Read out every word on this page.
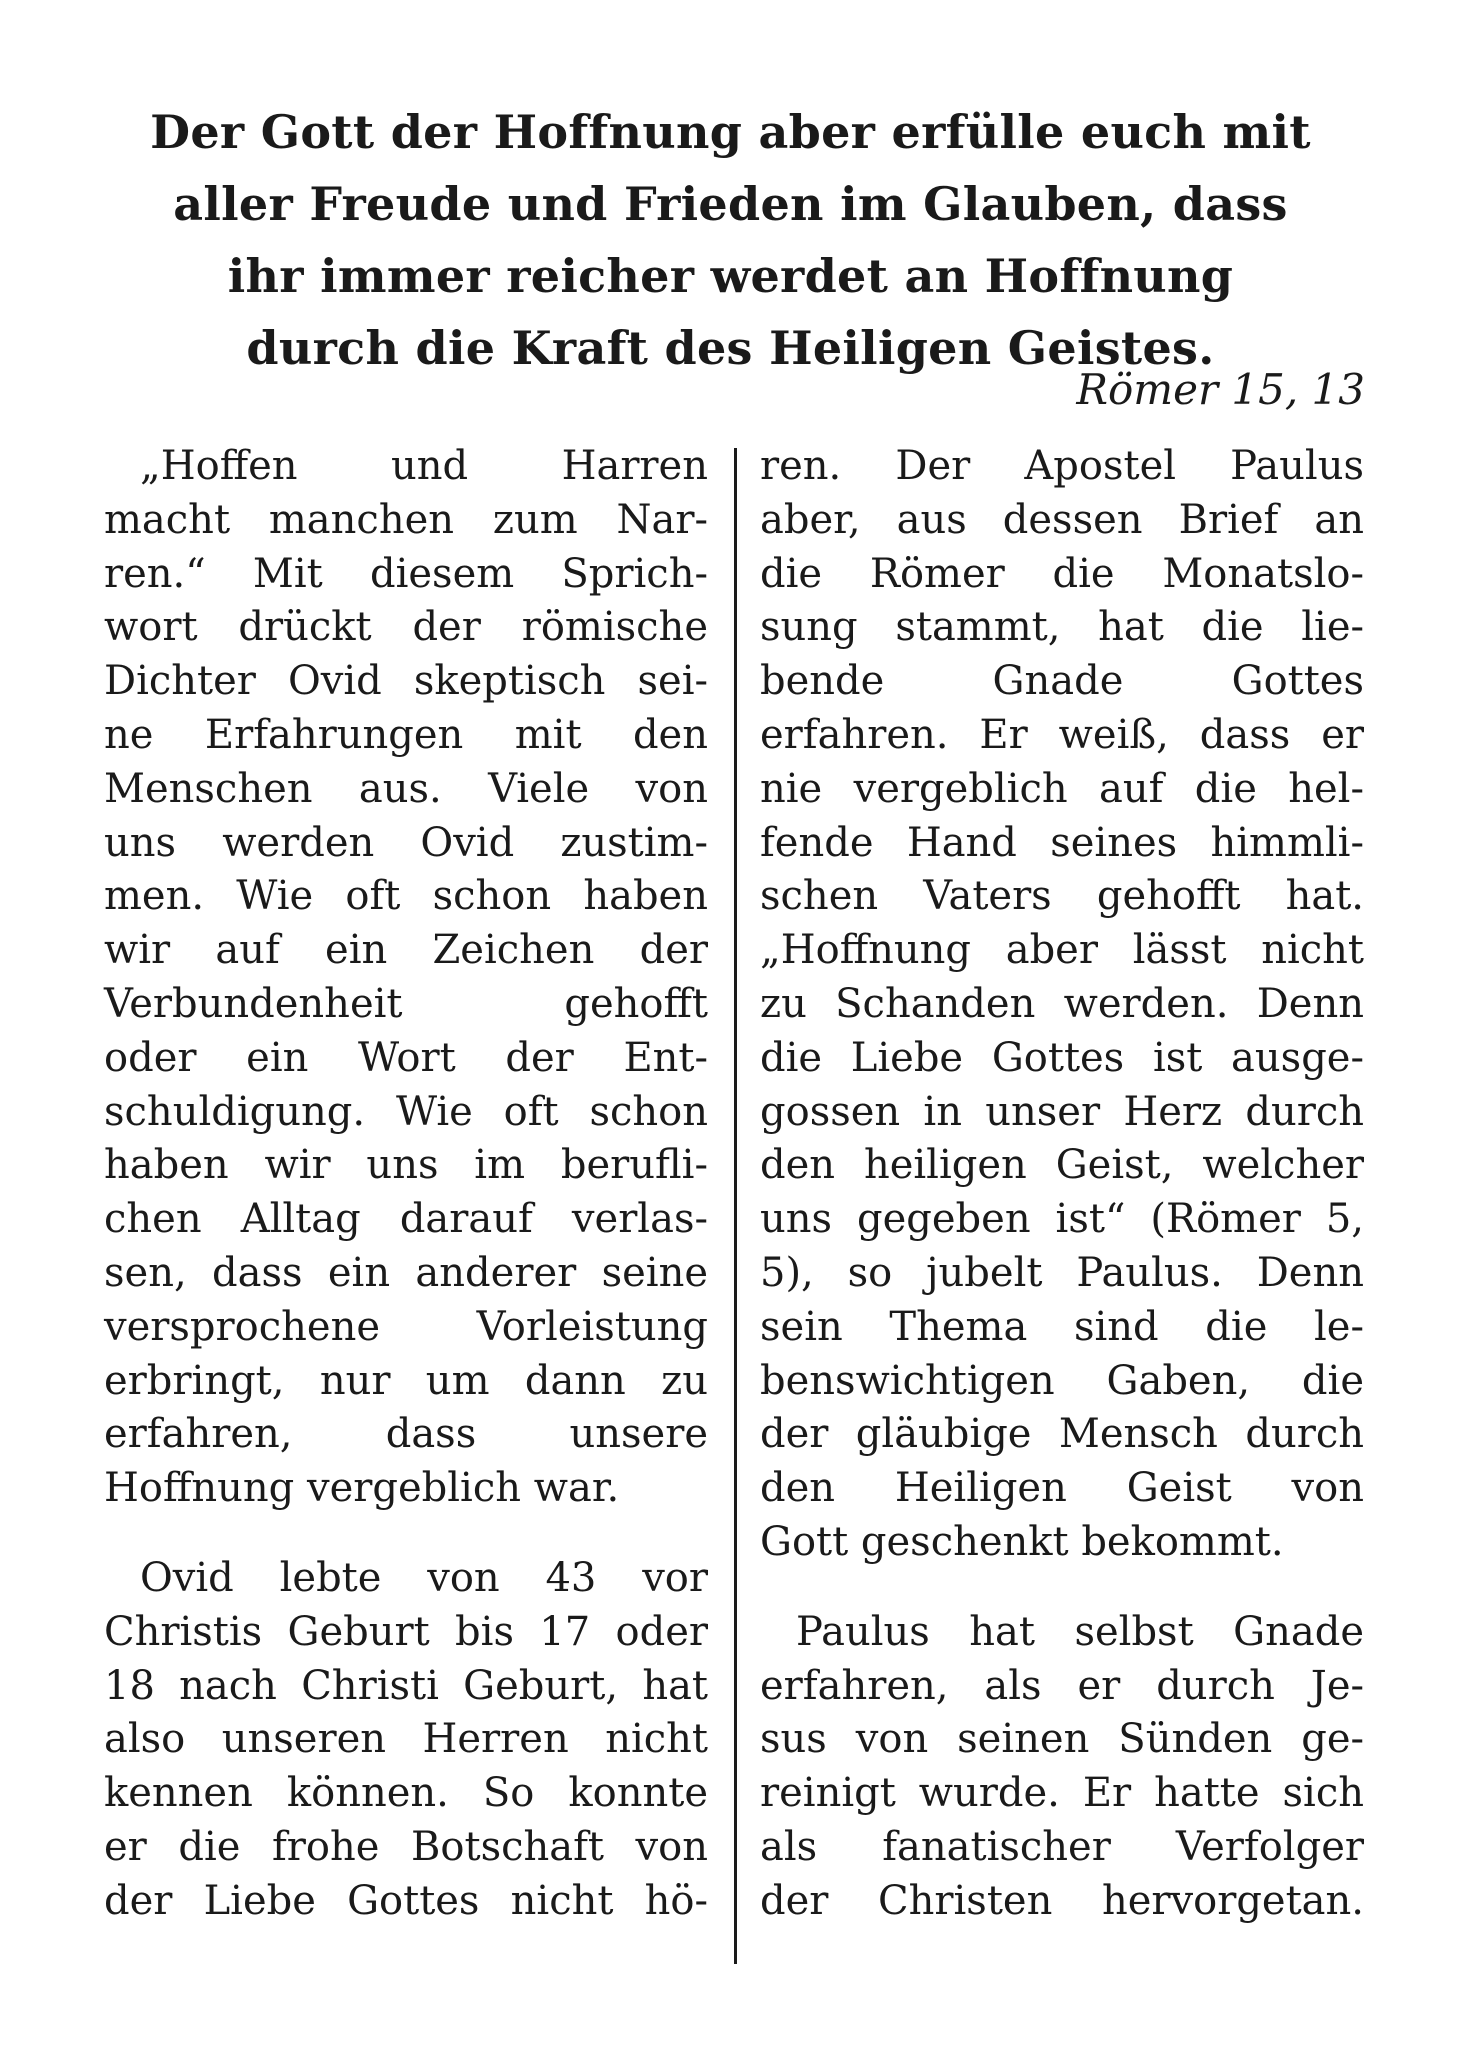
Der Gott der Hoffnung aber erfülle euch mit
aller Freude und Frieden im Glauben, dass
ihr immer reicher werdet an Hoffnung
durch die Kraft des Heiligen Geistes.
Römer 15, 13

„Hoffen und Harren
macht manchen zum Nar-
ren.“ Mit diesem Sprich-
wort drückt der römische
Dichter Ovid skeptisch sei-
ne Erfahrungen mit den
Menschen aus. Viele von
uns werden Ovid zustim-
men. Wie oft schon haben
wir auf ein Zeichen der
Verbundenheit gehofft
oder ein Wort der Ent-
schuldigung. Wie oft schon
haben wir uns im berufli-
chen Alltag darauf verlas-
sen, dass ein anderer seine
versprochene Vorleistung
erbringt, nur um dann zu
erfahren, dass unsere
Hoffnung vergeblich war.

Ovid lebte von 43 vor
Christis Geburt bis 17 oder
18 nach Christi Geburt, hat
also unseren Herren nicht
kennen können. So konnte
er die frohe Botschaft von
der Liebe Gottes nicht hö-

ren. Der Apostel Paulus
aber, aus dessen Brief an
die Römer die Monatslo-
sung stammt, hat die lie-
bende Gnade Gottes
erfahren. Er weiß, dass er
nie vergeblich auf die hel-
fende Hand seines himmli-
schen Vaters gehofft hat.
„Hoffnung aber lässt nicht
zu Schanden werden. Denn
die Liebe Gottes ist ausge-
gossen in unser Herz durch
den heiligen Geist, welcher
uns gegeben ist“ (Römer 5,
5), so jubelt Paulus. Denn
sein Thema sind die le-
benswichtigen Gaben, die
der gläubige Mensch durch
den Heiligen Geist von
Gott geschenkt bekommt.

Paulus hat selbst Gnade
erfahren, als er durch Je-
sus von seinen Sünden ge-
reinigt wurde. Er hatte sich
als fanatischer Verfolger
der Christen hervorgetan.
